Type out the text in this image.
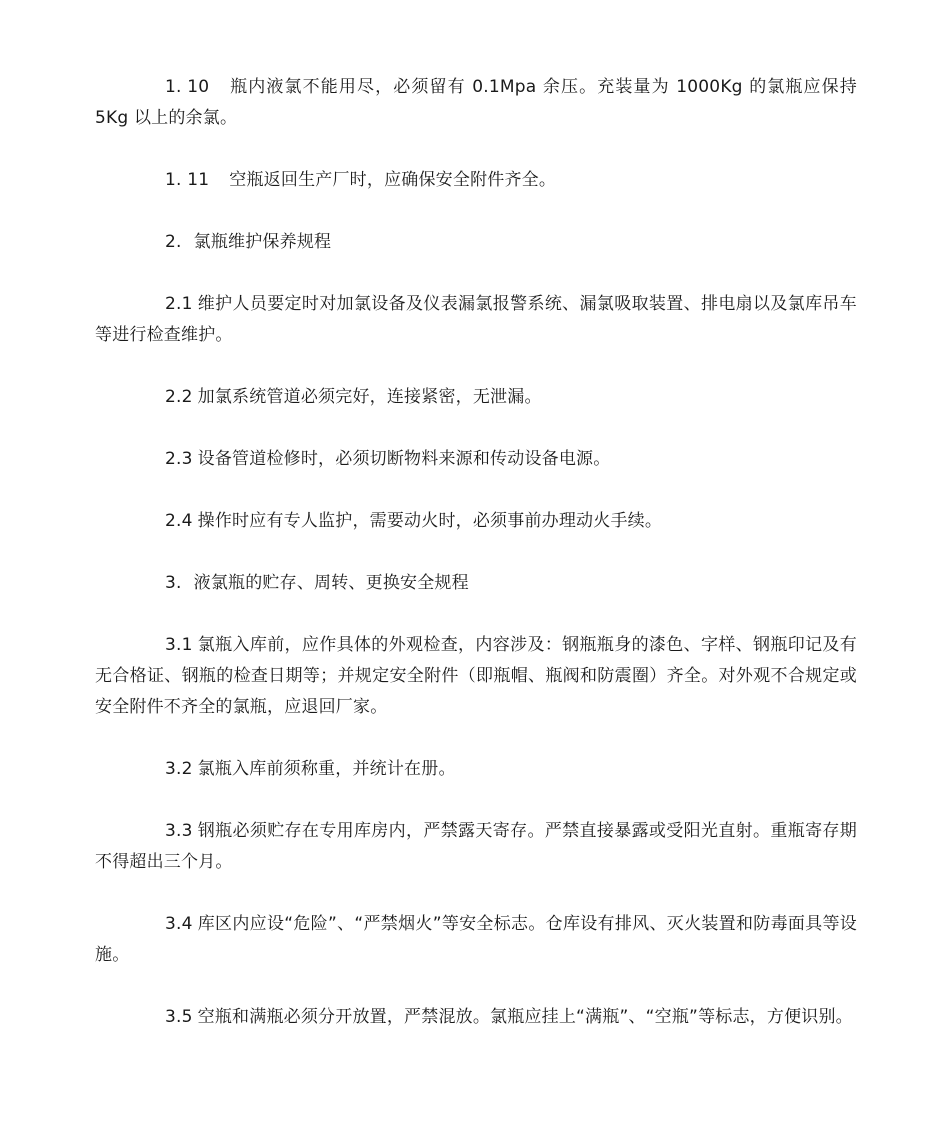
1. 10 瓶内液氯不能用尽，必须留有 0.1Mpa 余压。充装量为 1000Kg 的氯瓶应保持 5Kg 以上的余氯。

1. 11 空瓶返回生产厂时，应确保安全附件齐全。

2. 氯瓶维护保养规程

2.1 维护人员要定时对加氯设备及仪表漏氯报警系统、漏氯吸取装置、排电扇以及氯库吊车等进行检查维护。

2.2 加氯系统管道必须完好，连接紧密，无泄漏。

2.3 设备管道检修时，必须切断物料来源和传动设备电源。

2.4 操作时应有专人监护，需要动火时，必须事前办理动火手续。

3. 液氯瓶的贮存、周转、更换安全规程

3.1 氯瓶入库前，应作具体的外观检查，内容涉及：钢瓶瓶身的漆色、字样、钢瓶印记及有无合格证、钢瓶的检查日期等；并规定安全附件（即瓶帽、瓶阀和防震圈）齐全。对外观不合规定或安全附件不齐全的氯瓶，应退回厂家。

3.2 氯瓶入库前须称重，并统计在册。

3.3 钢瓶必须贮存在专用库房内，严禁露天寄存。严禁直接暴露或受阳光直射。重瓶寄存期不得超出三个月。

3.4 库区内应设“危险”、“严禁烟火”等安全标志。仓库设有排风、灭火装置和防毒面具等设施。

3.5 空瓶和满瓶必须分开放置，严禁混放。氯瓶应挂上“满瓶”、“空瓶”等标志，方便识别。
